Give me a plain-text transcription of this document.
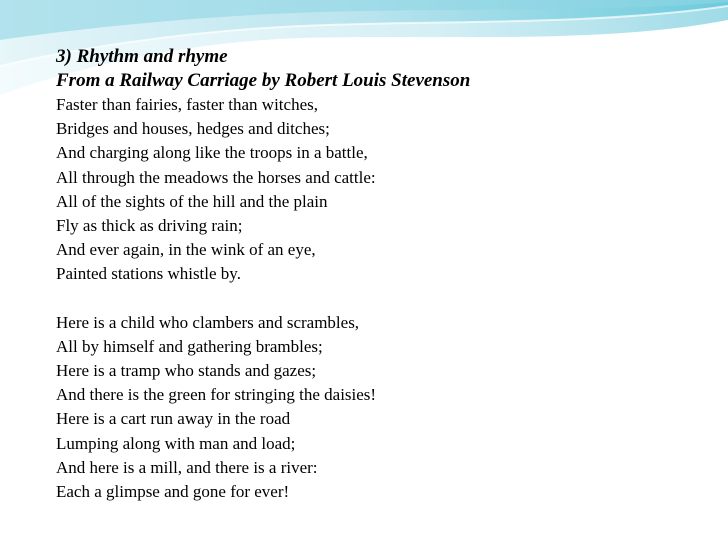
3) Rhythm and rhyme
From a Railway Carriage by Robert Louis Stevenson
Faster than fairies, faster than witches,
Bridges and houses, hedges and ditches;
And charging along like the troops in a battle,
All through the meadows the horses and cattle:
All of the sights of the hill and the plain
Fly as thick as driving rain;
And ever again, in the wink of an eye,
Painted stations whistle by.
Here is a child who clambers and scrambles,
All by himself and gathering brambles;
Here is a tramp who stands and gazes;
And there is the green for stringing the daisies!
Here is a cart run away in the road
Lumping along with man and load;
And here is a mill, and there is a river:
Each a glimpse and gone for ever!
